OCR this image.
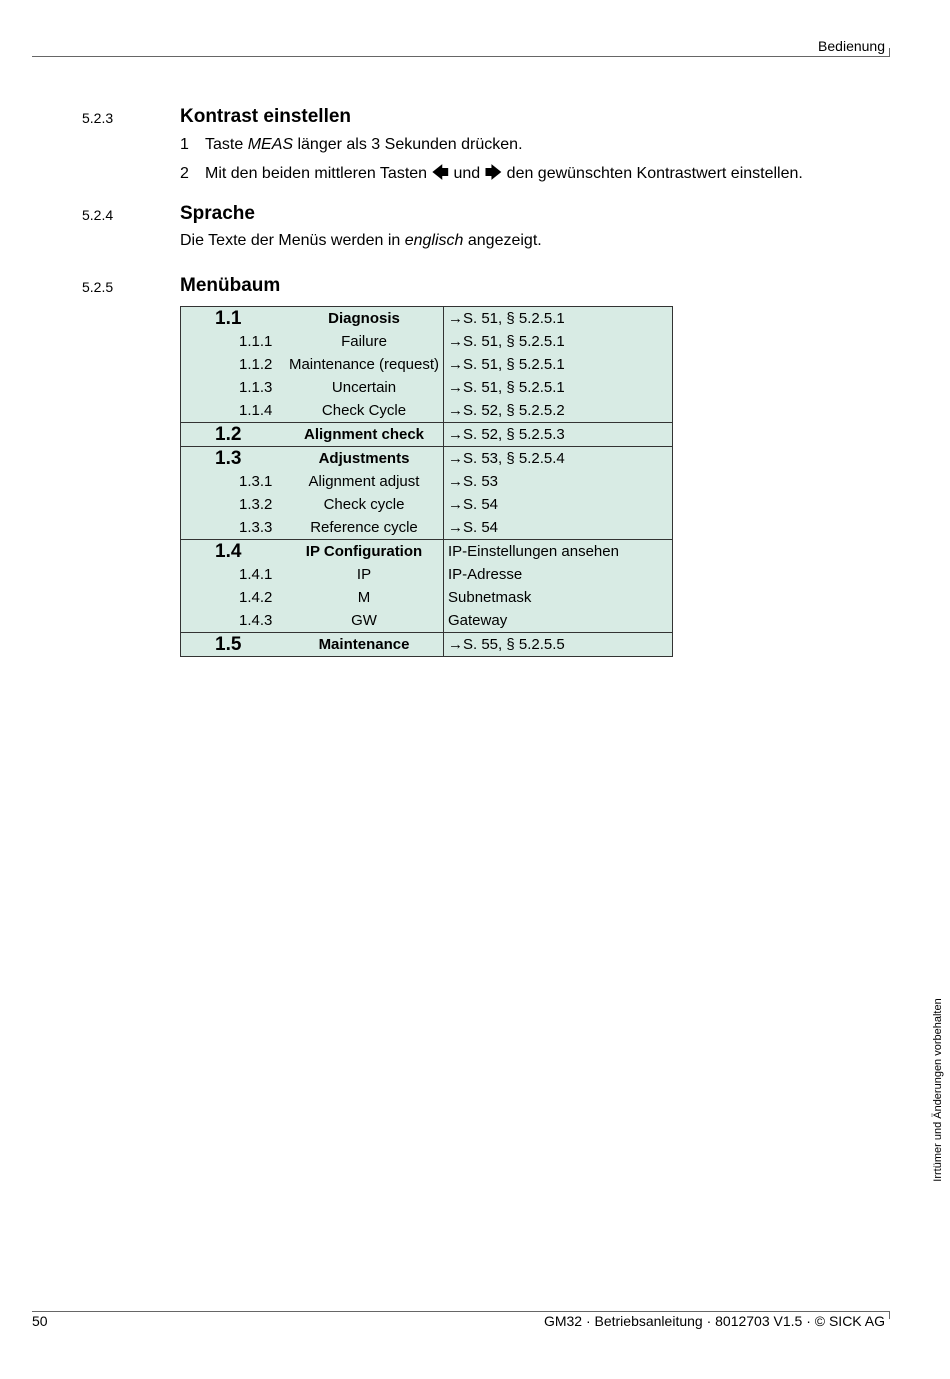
Bedienung
5.2.3	Kontrast einstellen
1 Taste MEAS länger als 3 Sekunden drücken.
2 Mit den beiden mittleren Tasten 🡄 und 🡆 den gewünschten Kontrastwert einstellen.
5.2.4	Sprache
Die Texte der Menüs werden in englisch angezeigt.
5.2.5	Menübaum
1.1	Diagnosis	→S. 51, § 5.2.5.1
1.1.1	Failure	→S. 51, § 5.2.5.1
1.1.2	Maintenance (request)	→S. 51, § 5.2.5.1
1.1.3	Uncertain	→S. 51, § 5.2.5.1
1.1.4	Check Cycle	→S. 52, § 5.2.5.2
1.2	Alignment check	→S. 52, § 5.2.5.3
1.3	Adjustments	→S. 53, § 5.2.5.4
1.3.1	Alignment adjust	→S. 53
1.3.2	Check cycle	→S. 54
1.3.3	Reference cycle	→S. 54
1.4	IP Configuration	IP-Einstellungen ansehen
1.4.1	IP	IP-Adresse
1.4.2	M	Subnetmask
1.4.3	GW	Gateway
1.5	Maintenance	→S. 55, § 5.2.5.5
Irrtümer und Änderungen vorbehalten
50	GM32 · Betriebsanleitung · 8012703 V1.5 · © SICK AG
